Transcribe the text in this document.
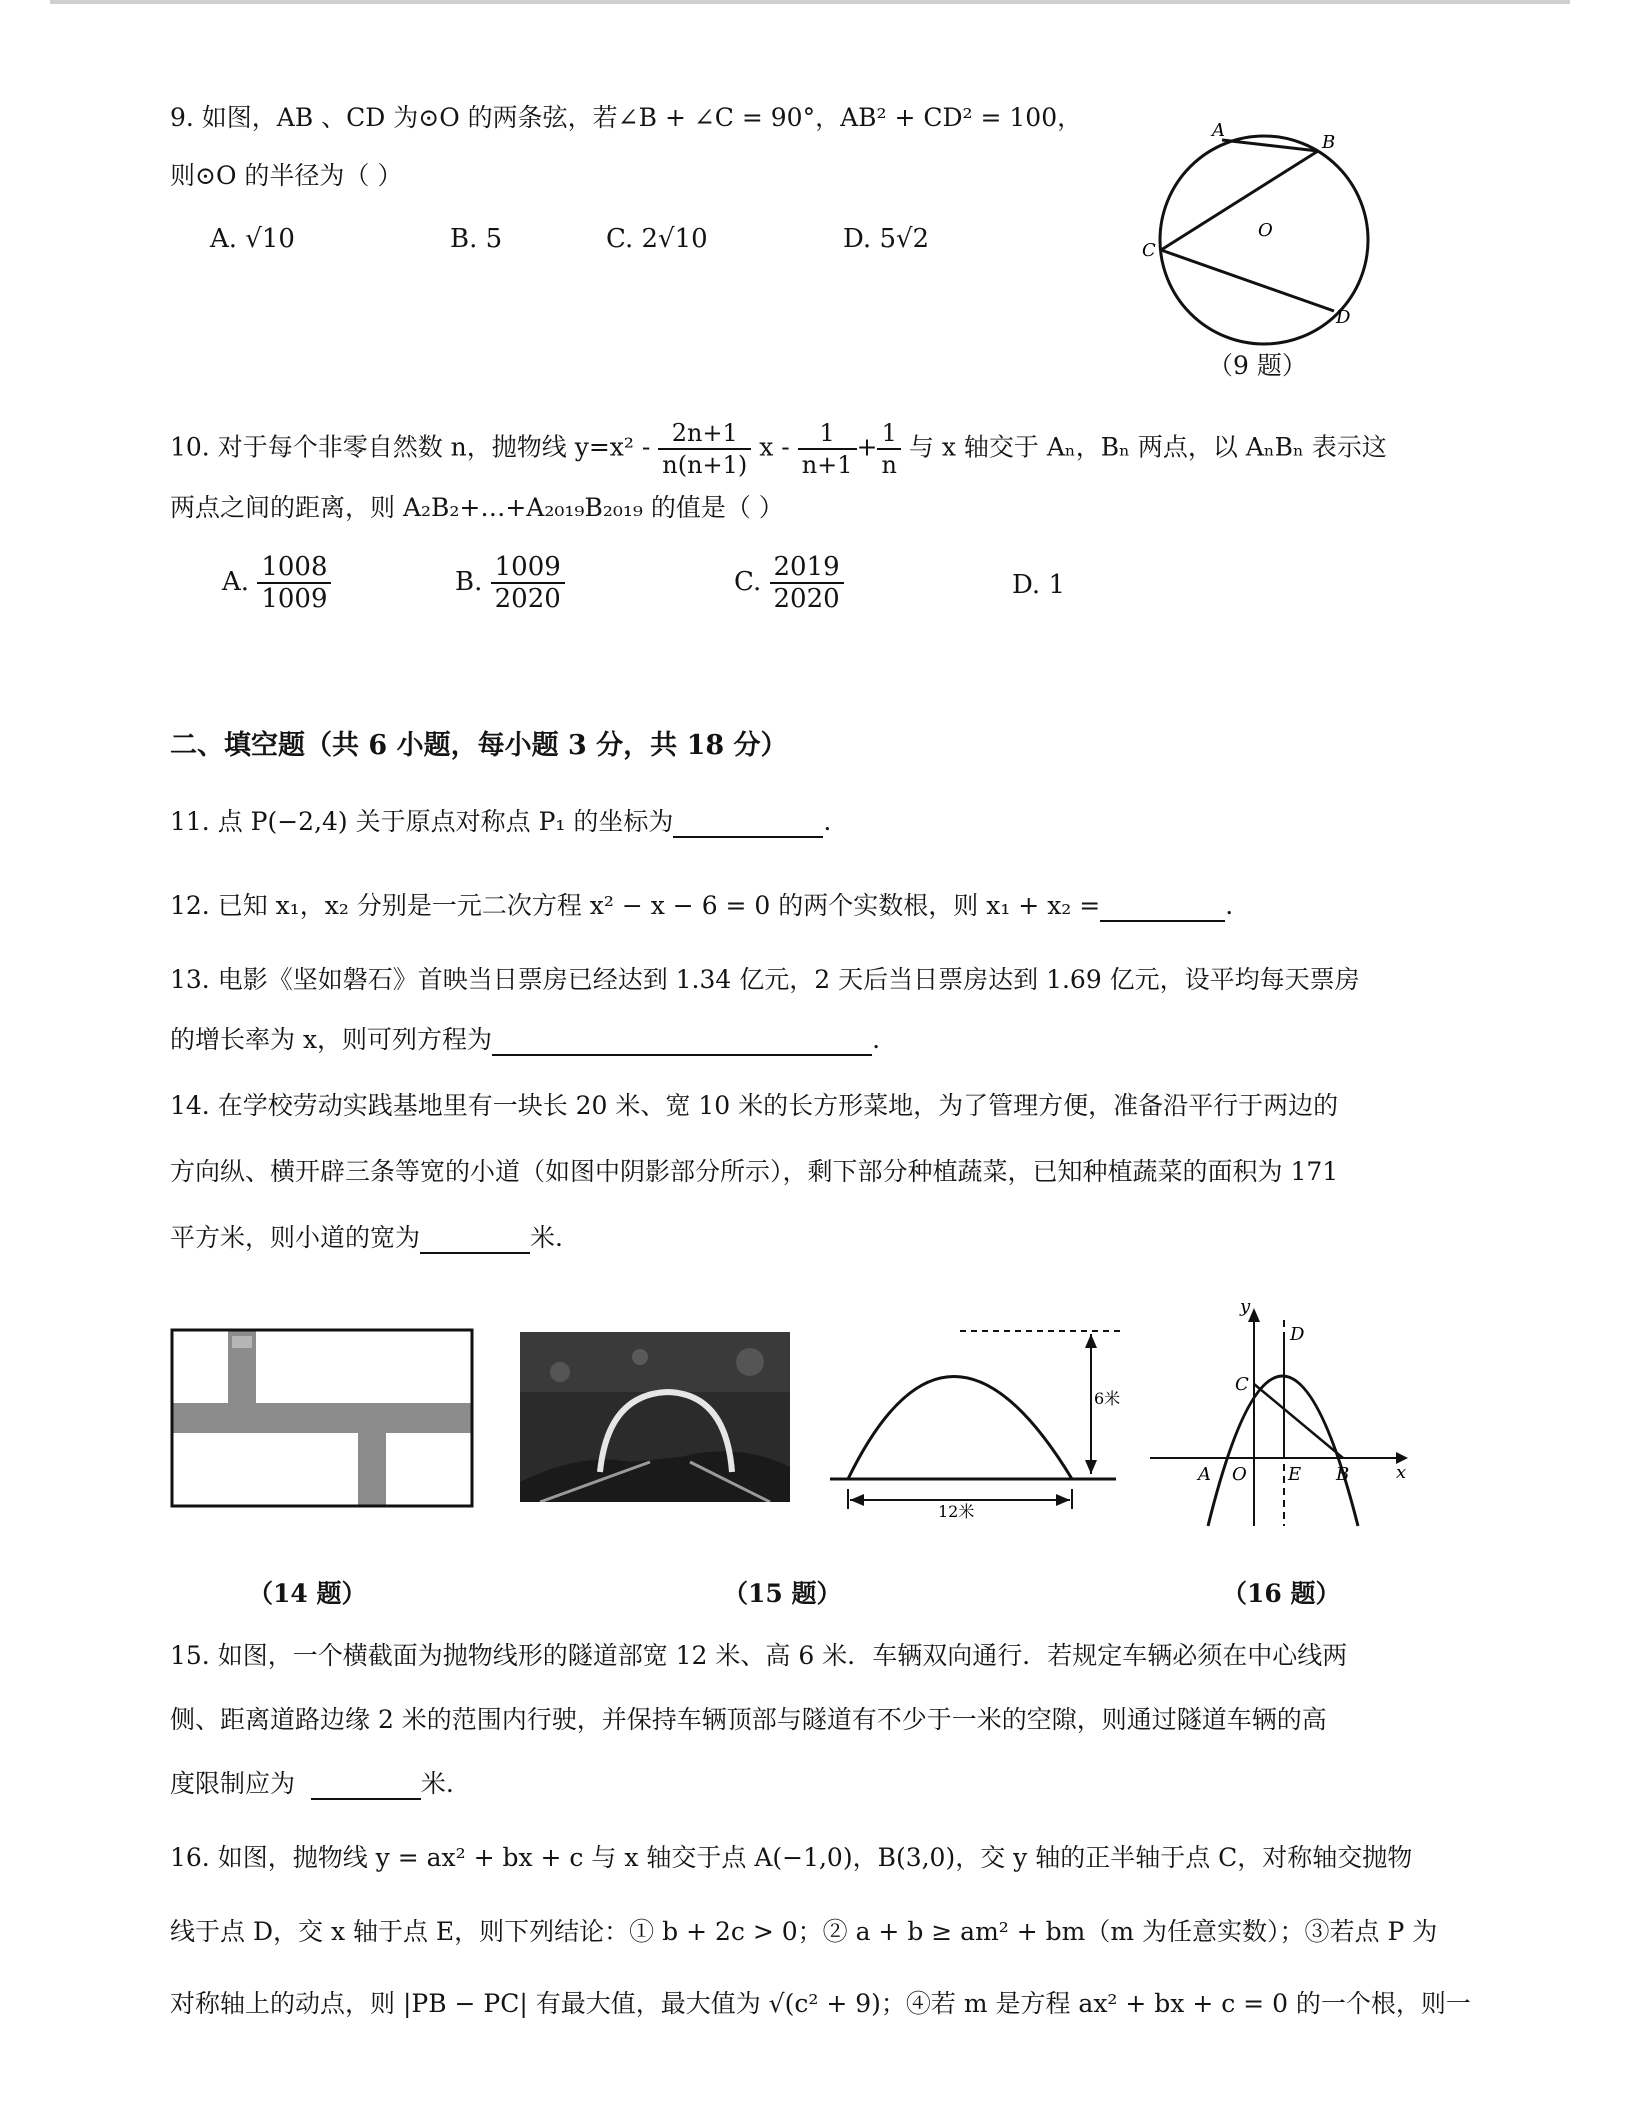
9. 如图，AB 、CD 为⊙O 的两条弦，若∠B + ∠C = 90°，AB² + CD² = 100，
则⊙O 的半径为（ ）
A. √10	B. 5	C. 2√10	D. 5√2
A
B
C
D
O
（9 题）
10. 对于每个非零自然数 n，抛物线 $y=x^2 - \frac{2n+1}{n(n+1)}$ $x - \frac{1}{n+1} + \frac{1}{n}$ 与 x 轴交于 Aₙ，Bₙ 两点，以 AₙBₙ 表示这
两点之间的距离，则 A₂B₂+…+A₂₀₁₉B₂₀₁₉ 的值是（ ）
A. $\frac{1008}{1009}$	B. $\frac{1009}{2020}$	C. $\frac{2019}{2020}$	D. 1
二、填空题（共 6 小题，每小题 3 分，共 18 分）
11. 点 P(−2,4) 关于原点对称点 P₁ 的坐标为	.
12. 已知 x₁，x₂ 分别是一元二次方程 x² − x − 6 = 0 的两个实数根，则 x₁ + x₂ =	.
13. 电影《坚如磐石》首映当日票房已经达到 1.34 亿元，2 天后当日票房达到 1.69 亿元，设平均每天票房
的增长率为 x，则可列方程为	.
14. 在学校劳动实践基地里有一块长 20 米、宽 10 米的长方形菜地，为了管理方便，准备沿平行于两边的
方向纵、横开辟三条等宽的小道（如图中阴影部分所示），剩下部分种植蔬菜，已知种植蔬菜的面积为 171
平方米，则小道的宽为	米.
6米
12米
y
x
C
D
A O E B
（14 题）	（15 题）	（16 题）
15. 如图，一个横截面为抛物线形的隧道部宽 12 米、高 6 米．车辆双向通行．若规定车辆必须在中心线两
侧、距离道路边缘 2 米的范围内行驶，并保持车辆顶部与隧道有不少于一米的空隙，则通过隧道车辆的高
度限制应为	米.
16. 如图，抛物线 y = ax² + bx + c 与 x 轴交于点 A(−1,0)，B(3,0)，交 y 轴的正半轴于点 C，对称轴交抛物
线于点 D，交 x 轴于点 E，则下列结论：① b + 2c > 0；② a + b ≥ am² + bm（m 为任意实数）；③若点 P 为
对称轴上的动点，则 |PB − PC| 有最大值，最大值为 √(c² + 9)；④若 m 是方程 ax² + bx + c = 0 的一个根，则一
